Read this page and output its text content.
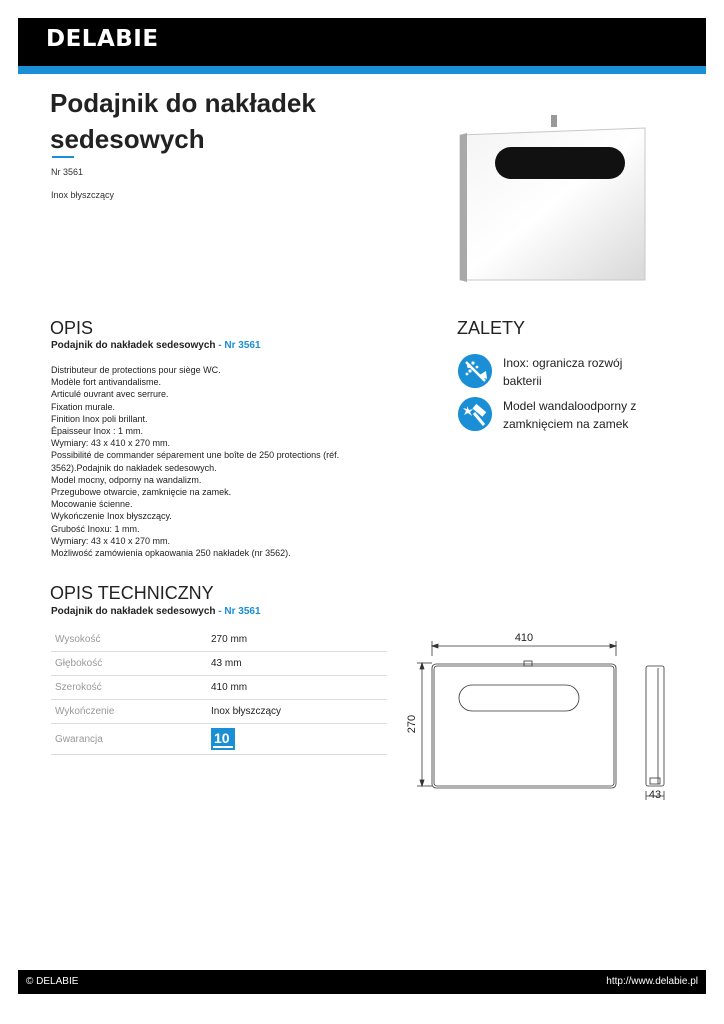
DELABIE
Podajnik do nakładek
sedesowych
Nr 3561
Inox błyszczący
OPIS
Podajnik do nakładek sedesowych - Nr 3561
Distributeur de protections pour siège WC.
Modèle fort antivandalisme.
Articulé ouvrant avec serrure.
Fixation murale.
Finition Inox poli brillant.
Épaisseur Inox : 1 mm.
Wymiary: 43 x 410 x 270 mm.
Possibilité de commander séparement une boîte de 250 protections (réf.
3562).Podajnik do nakładek sedesowych.
Model mocny, odporny na wandalizm.
Przegubowe otwarcie, zamknięcie na zamek.
Mocowanie ścienne.
Wykończenie Inox błyszczący.
Grubość Inoxu: 1 mm.
Wymiary: 43 x 410 x 270 mm.
Możliwość zamówienia opkaowania 250 nakładek (nr 3562).
ZALETY
Inox: ogranicza rozwój bakterii
Model wandaloodporny z zamknięciem na zamek
OPIS TECHNICZNY
Podajnik do nakładek sedesowych - Nr 3561
Wysokość	270 mm
Głębokość	43 mm
Szerokość	410 mm
Wykończenie	Inox błyszczący
Gwarancja	10
410
270
43
© DELABIE	http://www.delabie.pl
